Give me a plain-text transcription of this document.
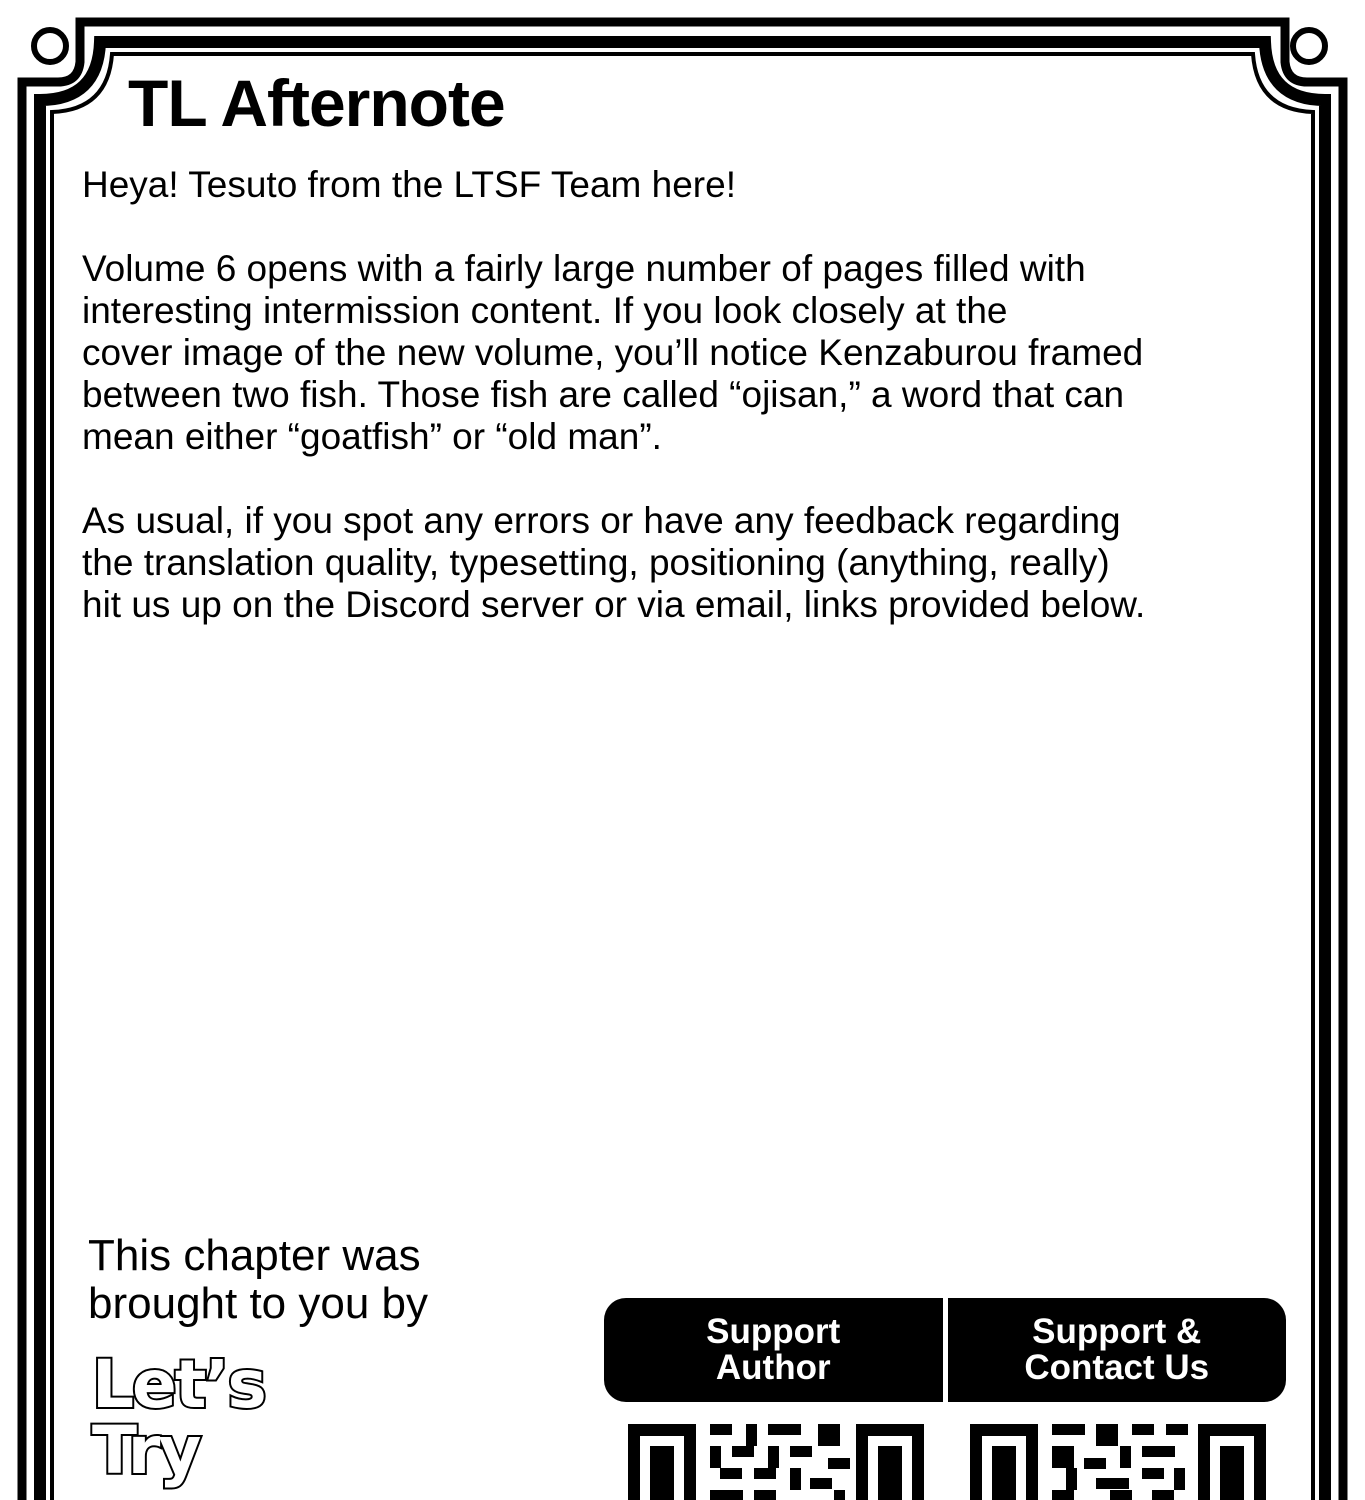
TL Afternote

Heya! Tesuto from the LTSF Team here!

Volume 6 opens with a fairly large number of pages filled with
interesting intermission content. If you look closely at the
cover image of the new volume, you’ll notice Kenzaburou framed
between two fish. Those fish are called “ojisan,” a word that can
mean either “goatfish” or “old man”.

As usual, if you spot any errors or have any feedback regarding
the translation quality, typesetting, positioning (anything, really)
hit us up on the Discord server or via email, links provided below.

This chapter was
brought to you by
Let’s
Try
Support
Author
Support &
Contact Us
